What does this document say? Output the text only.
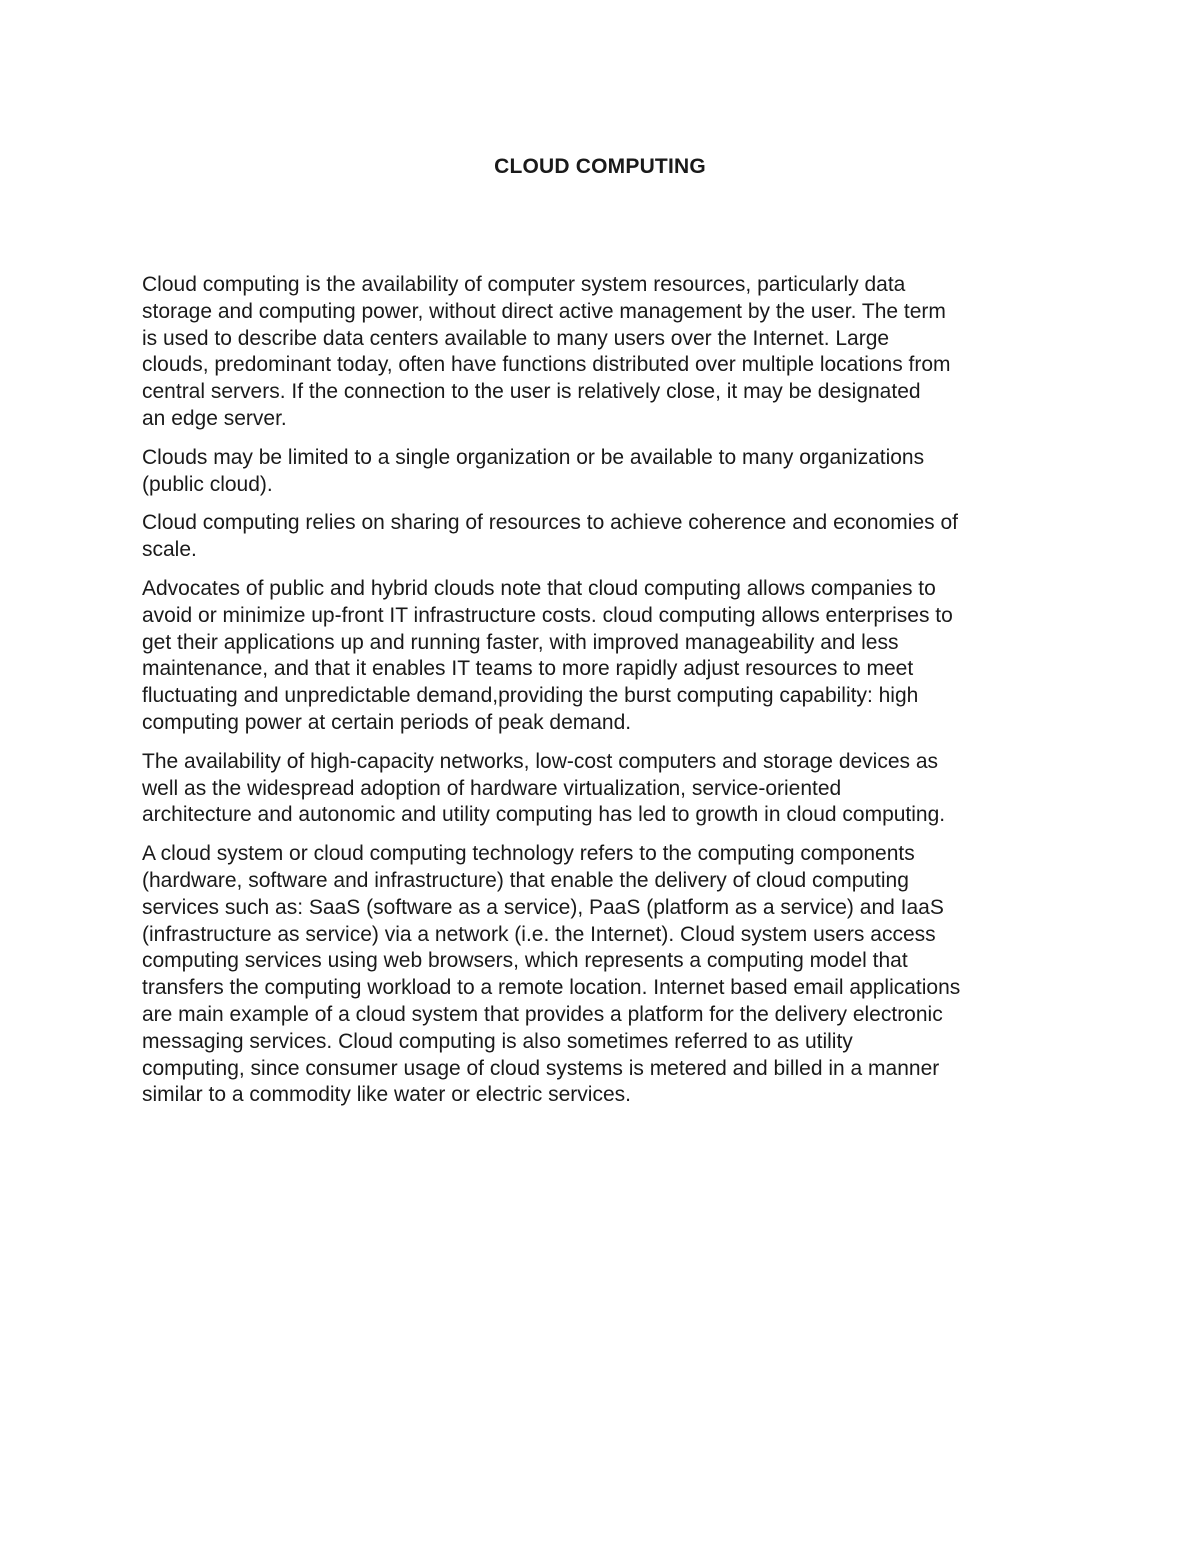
CLOUD COMPUTING

Cloud computing is the availability of computer system resources, particularly data
storage and computing power, without direct active management by the user. The term
is used to describe data centers available to many users over the Internet. Large
clouds, predominant today, often have functions distributed over multiple locations from
central servers. If the connection to the user is relatively close, it may be designated
an edge server.

Clouds may be limited to a single organization or be available to many organizations
(public cloud).

Cloud computing relies on sharing of resources to achieve coherence and economies of
scale.

Advocates of public and hybrid clouds note that cloud computing allows companies to
avoid or minimize up-front IT infrastructure costs. cloud computing allows enterprises to
get their applications up and running faster, with improved manageability and less
maintenance, and that it enables IT teams to more rapidly adjust resources to meet
fluctuating and unpredictable demand,providing the burst computing capability: high
computing power at certain periods of peak demand.

The availability of high-capacity networks, low-cost computers and storage devices as
well as the widespread adoption of hardware virtualization, service-oriented
architecture and autonomic and utility computing has led to growth in cloud computing.

A cloud system or cloud computing technology refers to the computing components
(hardware, software and infrastructure) that enable the delivery of cloud computing
services such as: SaaS (software as a service), PaaS (platform as a service) and IaaS
(infrastructure as service) via a network (i.e. the Internet). Cloud system users access
computing services using web browsers, which represents a computing model that
transfers the computing workload to a remote location. Internet based email applications
are main example of a cloud system that provides a platform for the delivery electronic
messaging services. Cloud computing is also sometimes referred to as utility
computing, since consumer usage of cloud systems is metered and billed in a manner
similar to a commodity like water or electric services.
